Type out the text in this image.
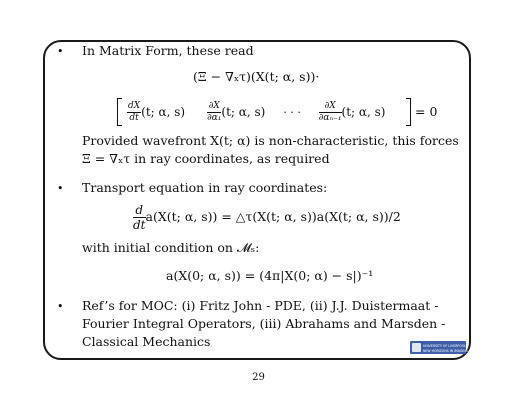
• In Matrix Form, these read
(Ξ − ∇ₓτ)(X(t; α, s))·
$\frac{dX}{dt} (t$; α, $s) \frac{\partial X}{\text{∂α₁}} (t$; α, s) · · · $\frac{\partial X}{\text{∂αₙ₋₁}} (t$; α, s) = 0
Provided wavefront X(t; α) is non-characteristic, this forces
Ξ = ∇ₓτ in ray coordinates, as required
• Transport equation in ray coordinates:
$\frac{d}{dt} a(X(t$; α, s)) = △τ(X(t; α, s))a(X(t; α, s))/2
with initial condition on 𝓜ₛ:
a(X(0; α, s)) = (4π|X(0; α) − s|)⁻¹
• Ref’s for MOC: (i) Fritz John - PDE, (ii) J.J. Duistermaat -
Fourier Integral Operators, (iii) Abrahams and Marsden -
Classical Mechanics	UNIVERSITY OF LIVERPOOL
NEW HORIZONS IN IMAGING
29
